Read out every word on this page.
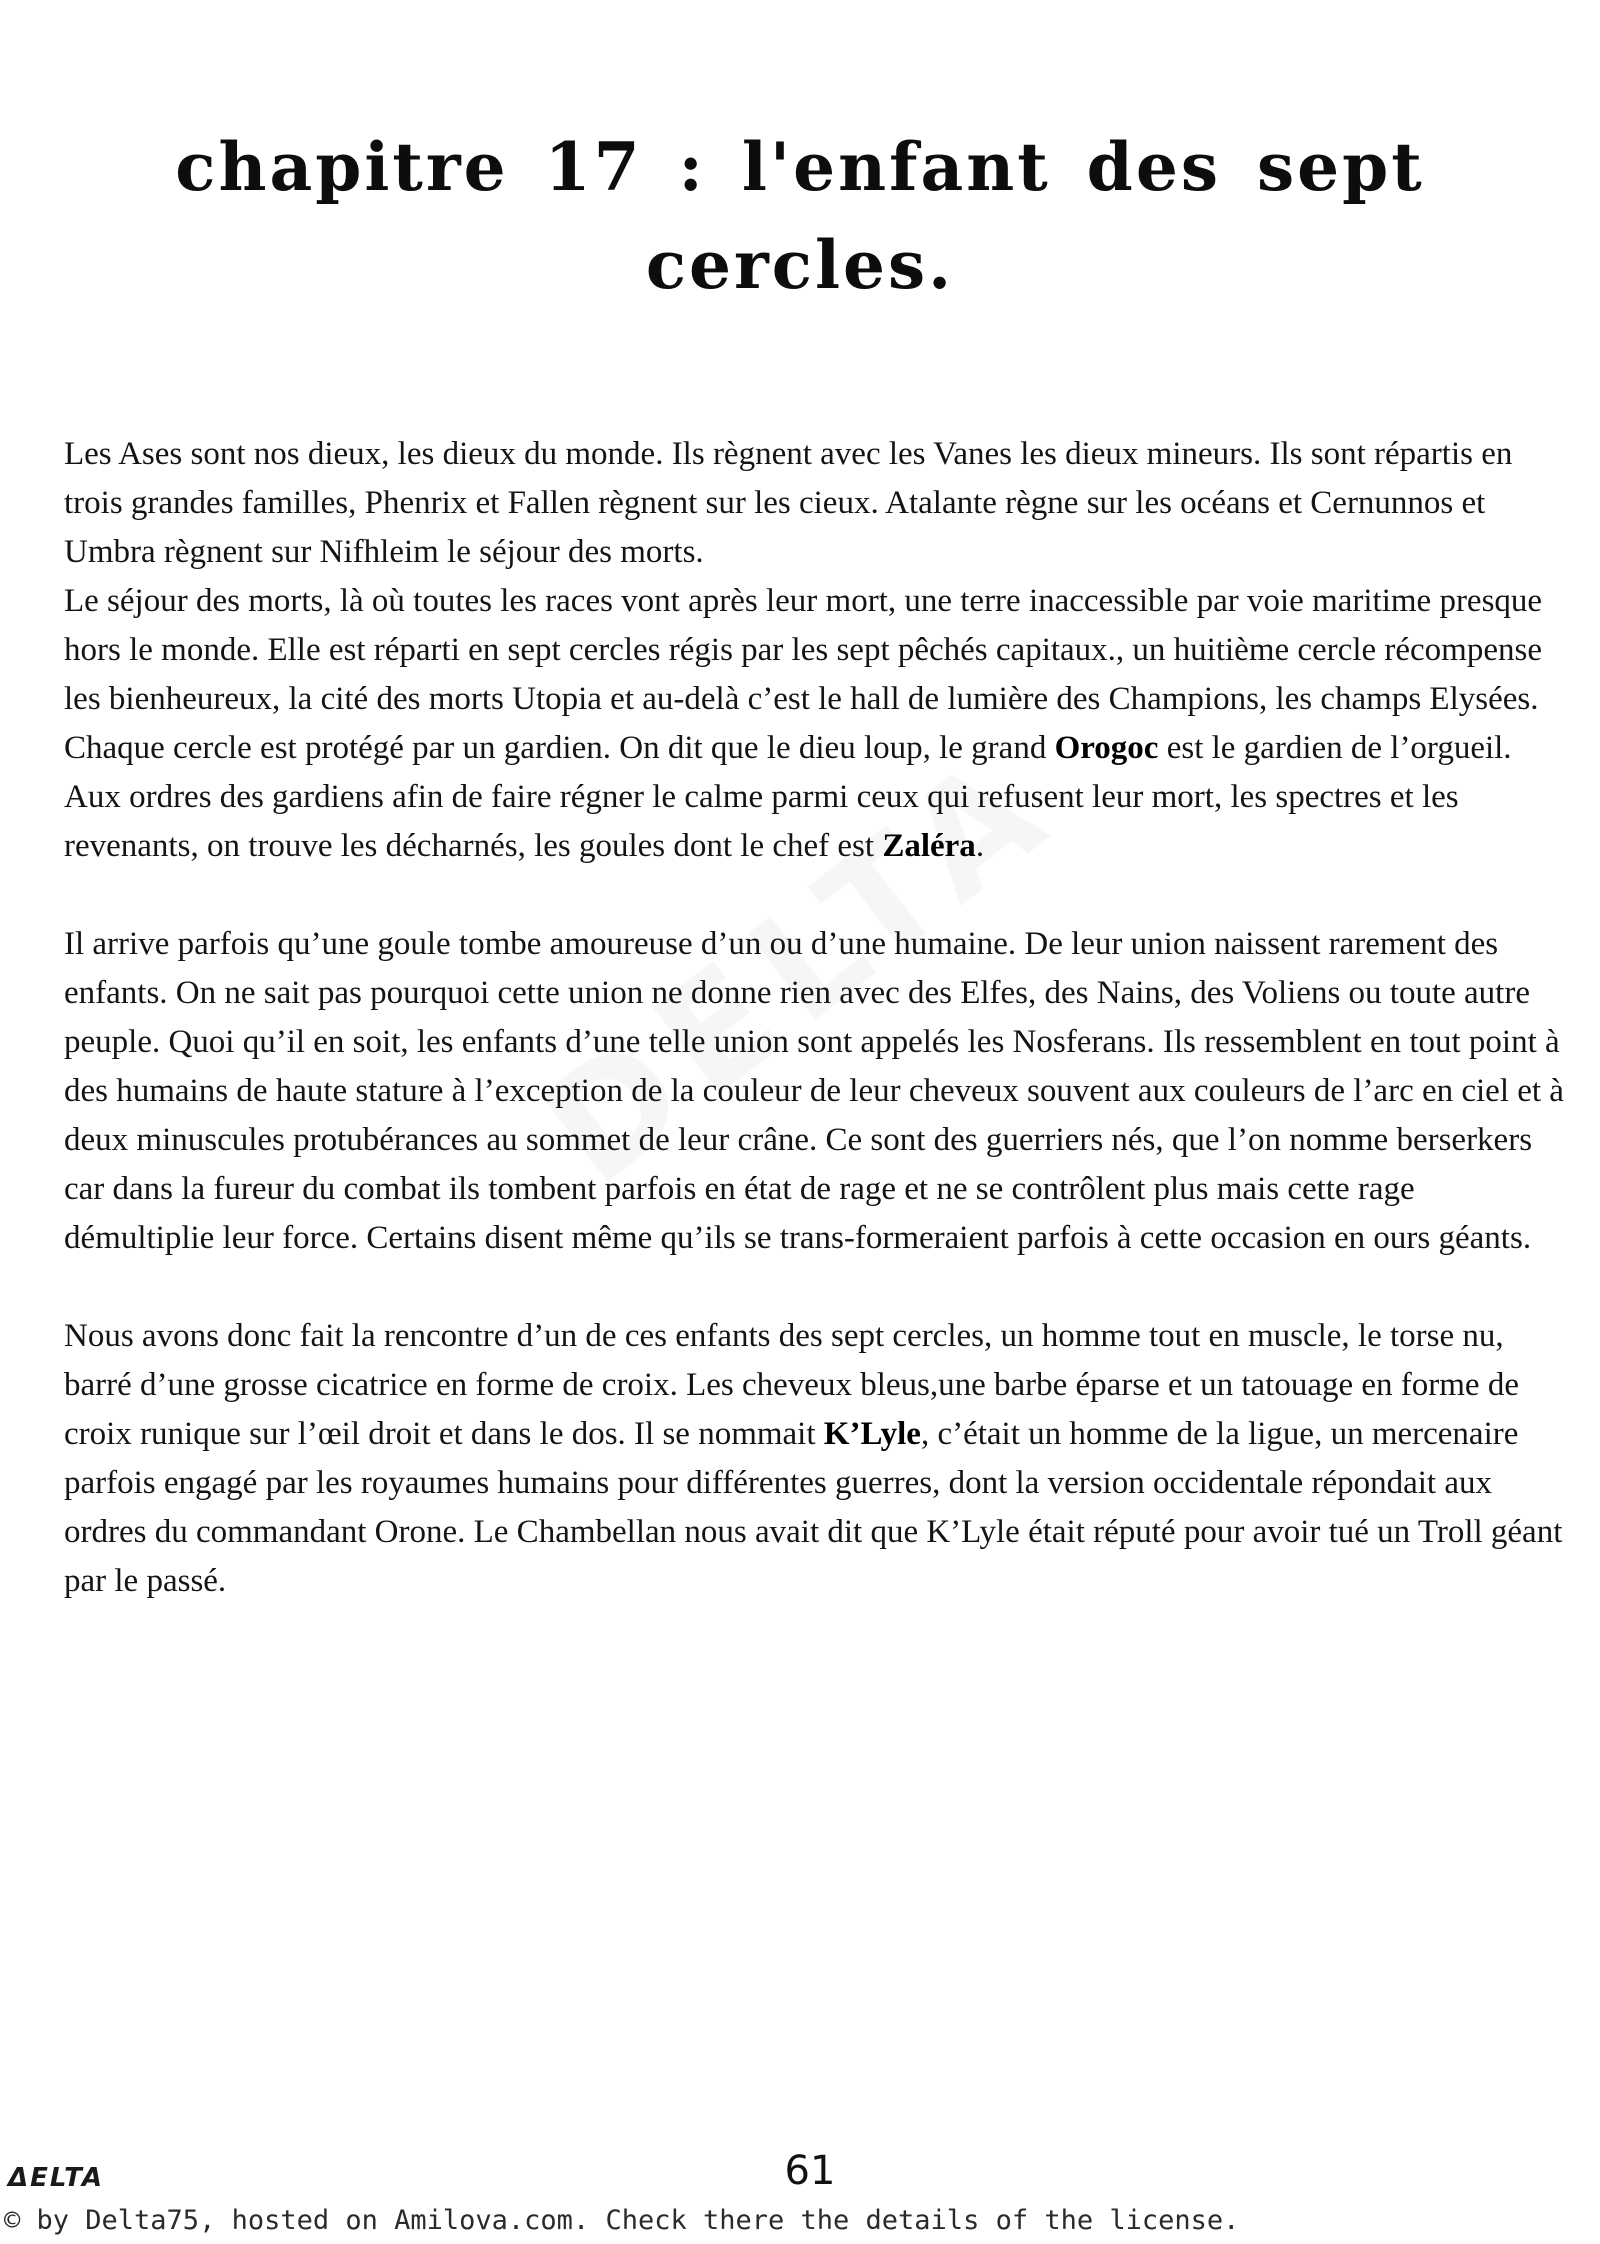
chapitre 17 : l'enfant des sept cercles.

Les Ases sont nos dieux, les dieux du monde. Ils règnent avec les Vanes les dieux mineurs. Ils sont répartis en trois grandes familles, Phenrix et Fallen règnent sur les cieux. Atalante règne sur les océans et Cernunnos et Umbra règnent sur Nifhleim le séjour des morts.

Le séjour des morts, là où toutes les races vont après leur mort, une terre inaccessible par voie maritime presque hors le monde. Elle est réparti en sept cercles régis par les sept pêchés capitaux., un huitième cercle récompense les bienheureux, la cité des morts Utopia et au-delà c’est le hall de lumière des Champions, les champs Elysées.

Chaque cercle est protégé par un gardien. On dit que le dieu loup, le grand Orogoc est le gardien de l’orgueil.

Aux ordres des gardiens afin de faire régner le calme parmi ceux qui refusent leur mort, les spectres et les revenants, on trouve les décharnés, les goules dont le chef est Zaléra.

Il arrive parfois qu’une goule tombe amoureuse d’un ou d’une humaine. De leur union naissent rarement des enfants. On ne sait pas pourquoi cette union ne donne rien avec des Elfes, des Nains, des Voliens ou toute autre peuple. Quoi qu’il en soit, les enfants d’une telle union sont appelés les Nosferans. Ils ressemblent en tout point à des humains de haute stature à l’exception de la couleur de leur cheveux souvent aux couleurs de l’arc en ciel et à deux minuscules protubérances au sommet de leur crâne. Ce sont des guerriers nés, que l’on nomme berserkers car dans la fureur du combat ils tombent parfois en état de rage et ne se contrôlent plus mais cette rage démultiplie leur force. Certains disent même qu’ils se trans-formeraient parfois à cette occasion en ours géants.

Nous avons donc fait la rencontre d’un de ces enfants des sept cercles, un homme tout en muscle, le torse nu, barré d’une grosse cicatrice en forme de croix. Les cheveux bleus,une barbe éparse et un tatouage en forme de croix runique sur l’œil droit et dans le dos. Il se nommait K’Lyle, c’était un homme de la ligue, un mercenaire parfois engagé par les royaumes humains pour différentes guerres, dont la version occidentale répondait aux ordres du commandant Orone. Le Chambellan nous avait dit que K’Lyle était réputé pour avoir tué un Troll géant par le passé.

ΔELTA	61
© by Delta75, hosted on Amilova.com. Check there the details of the license.
